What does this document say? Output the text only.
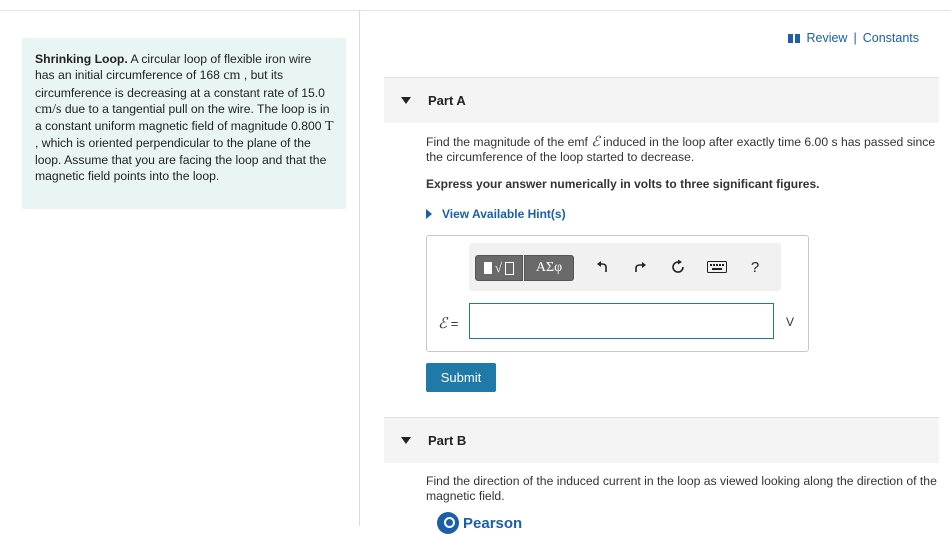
Shrinking Loop. A circular loop of flexible iron wire has an initial circumference of 168 cm , but its circumference is decreasing at a constant rate of 15.0 cm/s due to a tangential pull on the wire. The loop is in a constant uniform magnetic field of magnitude 0.800 T , which is oriented perpendicular to the plane of the loop. Assume that you are facing the loop and that the magnetic field points into the loop.
Review | Constants
Part A
Find the magnitude of the emf ℰ induced in the loop after exactly time 6.00 s has passed since the circumference of the loop started to decrease.
Express your answer numerically in volts to three significant figures.
View Available Hint(s)
√	ΑΣφ	?
ℰ =	V
Submit
Part B
Find the direction of the induced current in the loop as viewed looking along the direction of the magnetic field.
Pearson
